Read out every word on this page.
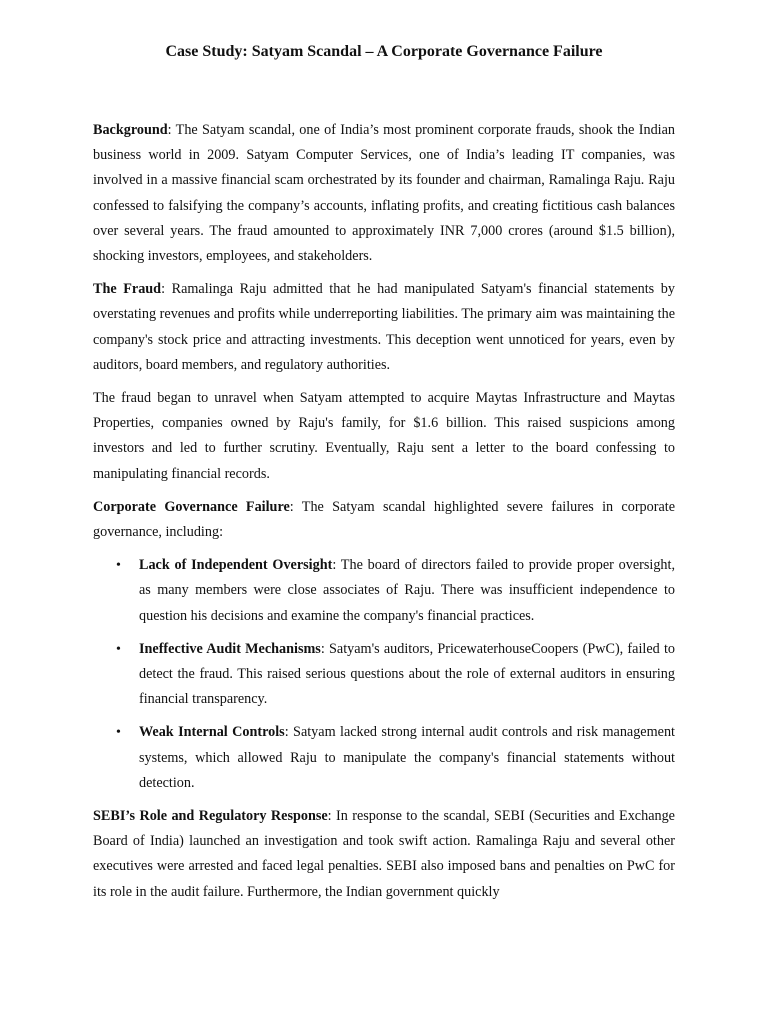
Case Study: Satyam Scandal – A Corporate Governance Failure

Background: The Satyam scandal, one of India’s most prominent corporate frauds, shook the Indian business world in 2009. Satyam Computer Services, one of India’s leading IT companies, was involved in a massive financial scam orchestrated by its founder and chairman, Ramalinga Raju. Raju confessed to falsifying the company’s accounts, inflating profits, and creating fictitious cash balances over several years. The fraud amounted to approximately INR 7,000 crores (around $1.5 billion), shocking investors, employees, and stakeholders.

The Fraud: Ramalinga Raju admitted that he had manipulated Satyam's financial statements by overstating revenues and profits while underreporting liabilities. The primary aim was maintaining the company's stock price and attracting investments. This deception went unnoticed for years, even by auditors, board members, and regulatory authorities.

The fraud began to unravel when Satyam attempted to acquire Maytas Infrastructure and Maytas Properties, companies owned by Raju's family, for $1.6 billion. This raised suspicions among investors and led to further scrutiny. Eventually, Raju sent a letter to the board confessing to manipulating financial records.

Corporate Governance Failure: The Satyam scandal highlighted severe failures in corporate governance, including:

• Lack of Independent Oversight: The board of directors failed to provide proper oversight, as many members were close associates of Raju. There was insufficient independence to question his decisions and examine the company's financial practices.
• Ineffective Audit Mechanisms: Satyam's auditors, PricewaterhouseCoopers (PwC), failed to detect the fraud. This raised serious questions about the role of external auditors in ensuring financial transparency.
• Weak Internal Controls: Satyam lacked strong internal audit controls and risk management systems, which allowed Raju to manipulate the company's financial statements without detection.

SEBI’s Role and Regulatory Response: In response to the scandal, SEBI (Securities and Exchange Board of India) launched an investigation and took swift action. Ramalinga Raju and several other executives were arrested and faced legal penalties. SEBI also imposed bans and penalties on PwC for its role in the audit failure. Furthermore, the Indian government quickly
